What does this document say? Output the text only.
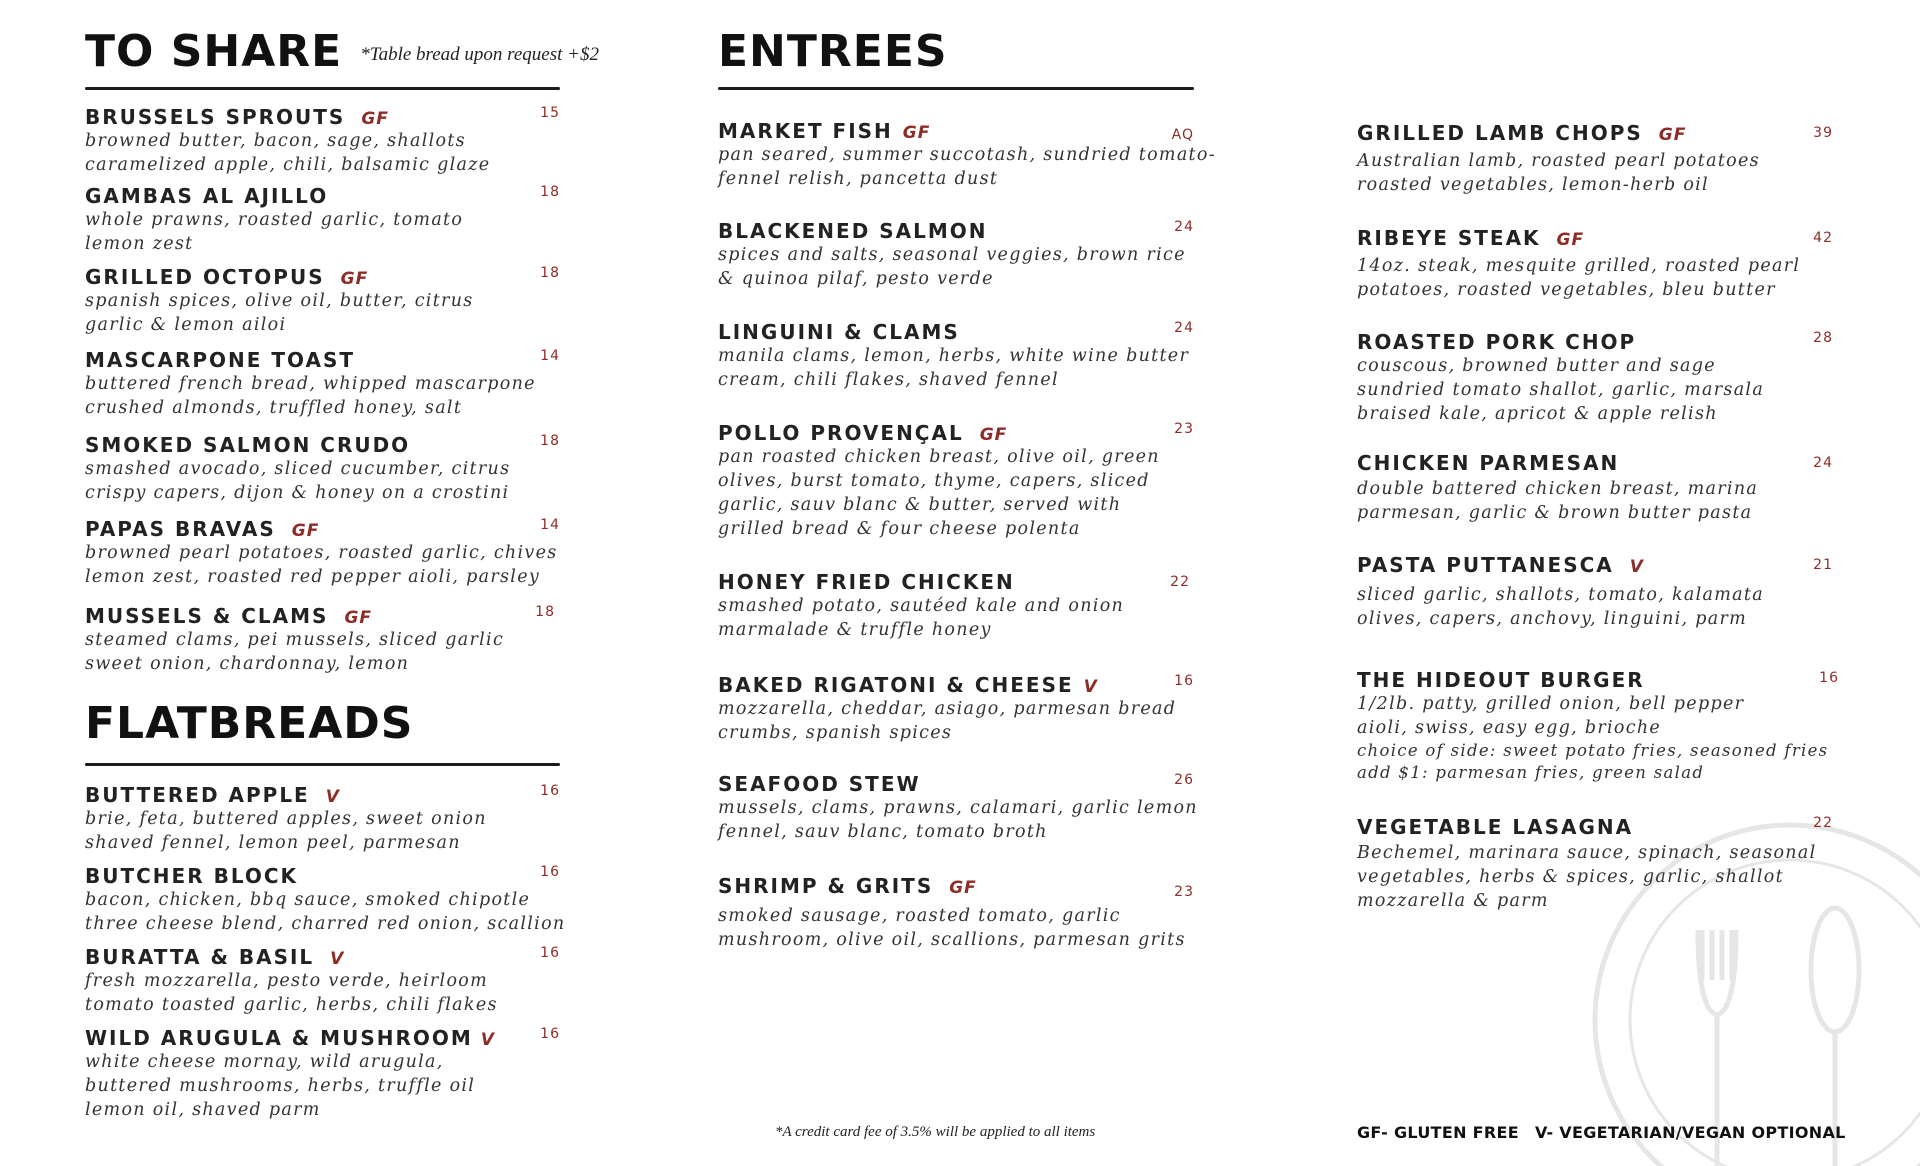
TO SHARE *Table bread upon request +$2
BRUSSELS SPROUTS GF	15
browned butter, bacon, sage, shallots
caramelized apple, chili, balsamic glaze
GAMBAS AL AJILLO	18
whole prawns, roasted garlic, tomato
lemon zest
GRILLED OCTOPUS GF	18
spanish spices, olive oil, butter, citrus
garlic & lemon ailoi
MASCARPONE TOAST	14
buttered french bread, whipped mascarpone
crushed almonds, truffled honey, salt
SMOKED SALMON CRUDO	18
smashed avocado, sliced cucumber, citrus
crispy capers, dijon & honey on a crostini
PAPAS BRAVAS GF	14
browned pearl potatoes, roasted garlic, chives
lemon zest, roasted red pepper aioli, parsley
MUSSELS & CLAMS GF	18
steamed clams, pei mussels, sliced garlic
sweet onion, chardonnay, lemon
FLATBREADS
BUTTERED APPLE V	16
brie, feta, buttered apples, sweet onion
shaved fennel, lemon peel, parmesan
BUTCHER BLOCK	16
bacon, chicken, bbq sauce, smoked chipotle
three cheese blend, charred red onion, scallion
BURATTA & BASIL V	16
fresh mozzarella, pesto verde, heirloom
tomato toasted garlic, herbs, chili flakes
WILD ARUGULA & MUSHROOM V	16
white cheese mornay, wild arugula,
buttered mushrooms, herbs, truffle oil
lemon oil, shaved parm
ENTREES
MARKET FISH GF	AQ
pan seared, summer succotash, sundried tomato-
fennel relish, pancetta dust
BLACKENED SALMON	24
spices and salts, seasonal veggies, brown rice
& quinoa pilaf, pesto verde
LINGUINI & CLAMS	24
manila clams, lemon, herbs, white wine butter
cream, chili flakes, shaved fennel
POLLO PROVENÇAL GF	23
pan roasted chicken breast, olive oil, green
olives, burst tomato, thyme, capers, sliced
garlic, sauv blanc & butter, served with
grilled bread & four cheese polenta
HONEY FRIED CHICKEN	22
smashed potato, sautéed kale and onion
marmalade & truffle honey
BAKED RIGATONI & CHEESE V	16
mozzarella, cheddar, asiago, parmesan bread
crumbs, spanish spices
SEAFOOD STEW	26
mussels, clams, prawns, calamari, garlic lemon
fennel, sauv blanc, tomato broth
SHRIMP & GRITS GF	23
smoked sausage, roasted tomato, garlic
mushroom, olive oil, scallions, parmesan grits
GRILLED LAMB CHOPS GF	39
Australian lamb, roasted pearl potatoes
roasted vegetables, lemon-herb oil
RIBEYE STEAK GF	42
14oz. steak, mesquite grilled, roasted pearl
potatoes, roasted vegetables, bleu butter
ROASTED PORK CHOP	28
couscous, browned butter and sage
sundried tomato shallot, garlic, marsala
braised kale, apricot & apple relish
CHICKEN PARMESAN	24
double battered chicken breast, marina
parmesan, garlic & brown butter pasta
PASTA PUTTANESCA V	21
sliced garlic, shallots, tomato, kalamata
olives, capers, anchovy, linguini, parm
THE HIDEOUT BURGER	16
1/2lb. patty, grilled onion, bell pepper
aioli, swiss, easy egg, brioche
choice of side: sweet potato fries, seasoned fries
add $1: parmesan fries, green salad
VEGETABLE LASAGNA	22
Bechemel, marinara sauce, spinach, seasonal
vegetables, herbs & spices, garlic, shallot
mozzarella & parm
*A credit card fee of 3.5% will be applied to all items	GF- GLUTEN FREE V- VEGETARIAN/VEGAN OPTIONAL
